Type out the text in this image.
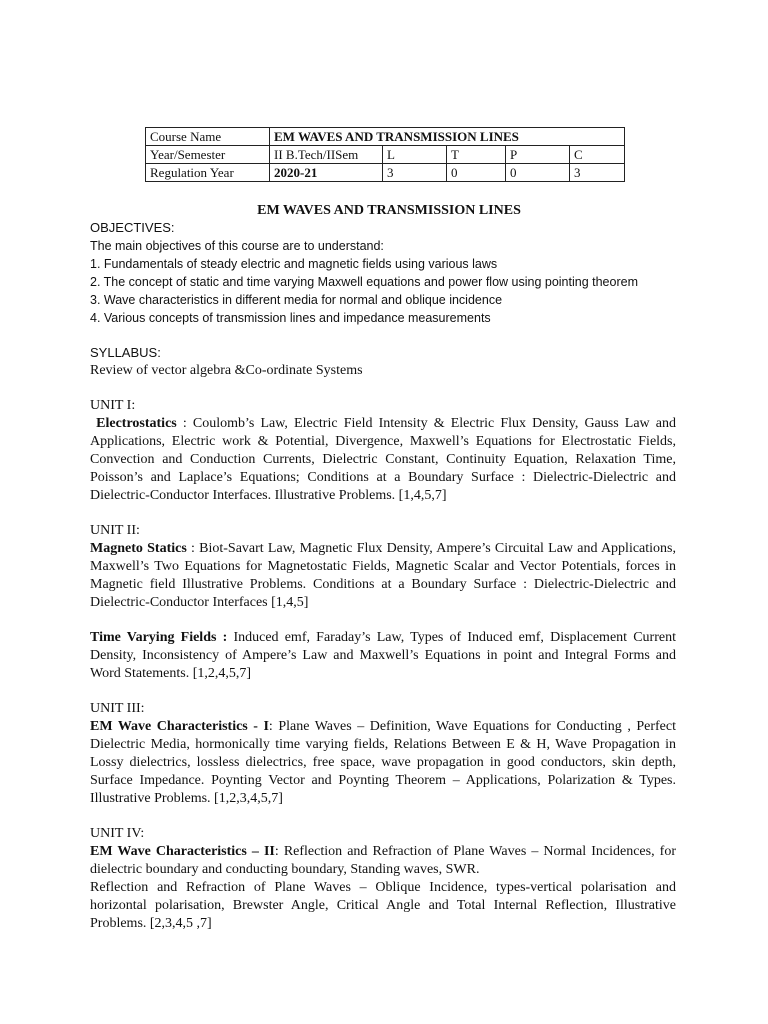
Course Name	EM WAVES AND TRANSMISSION LINES				
Year/Semester	II B.Tech/IISem	L	T	P	C
Regulation Year	2020-21	3	0	0	3
EM WAVES AND TRANSMISSION LINES

OBJECTIVES:

The main objectives of this course are to understand:

1. Fundamentals of steady electric and magnetic fields using various laws

2. The concept of static and time varying Maxwell equations and power flow using pointing theorem

3. Wave characteristics in different media for normal and oblique incidence

4. Various concepts of transmission lines and impedance measurements

SYLLABUS:

Review of vector algebra &Co-ordinate Systems

UNIT I:

Electrostatics : Coulomb’s Law, Electric Field Intensity & Electric Flux Density, Gauss Law and Applications, Electric work & Potential, Divergence, Maxwell’s Equations for Electrostatic Fields, Convection and Conduction Currents, Dielectric Constant, Continuity Equation, Relaxation Time, Poisson’s and Laplace’s Equations; Conditions at a Boundary Surface : Dielectric-Dielectric and Dielectric-Conductor Interfaces. Illustrative Problems. [1,4,5,7]

UNIT II:

Magneto Statics : Biot-Savart Law, Magnetic Flux Density, Ampere’s Circuital Law and Applications, Maxwell’s Two Equations for Magnetostatic Fields, Magnetic Scalar and Vector Potentials, forces in Magnetic field Illustrative Problems. Conditions at a Boundary Surface : Dielectric-Dielectric and Dielectric-Conductor Interfaces [1,4,5]

Time Varying Fields : Induced emf, Faraday’s Law, Types of Induced emf, Displacement Current Density, Inconsistency of Ampere’s Law and Maxwell’s Equations in point and Integral Forms and Word Statements. [1,2,4,5,7]

UNIT III:

EM Wave Characteristics - I: Plane Waves – Definition, Wave Equations for Conducting , Perfect Dielectric Media, hormonically time varying fields, Relations Between E & H, Wave Propagation in Lossy dielectrics, lossless dielectrics, free space, wave propagation in good conductors, skin depth, Surface Impedance. Poynting Vector and Poynting Theorem – Applications, Polarization & Types. Illustrative Problems. [1,2,3,4,5,7]

UNIT IV:

EM Wave Characteristics – II: Reflection and Refraction of Plane Waves – Normal Incidences, for dielectric boundary and conducting boundary, Standing waves, SWR.

Reflection and Refraction of Plane Waves – Oblique Incidence, types-vertical polarisation and horizontal polarisation, Brewster Angle, Critical Angle and Total Internal Reflection, Illustrative Problems. [2,3,4,5 ,7]
